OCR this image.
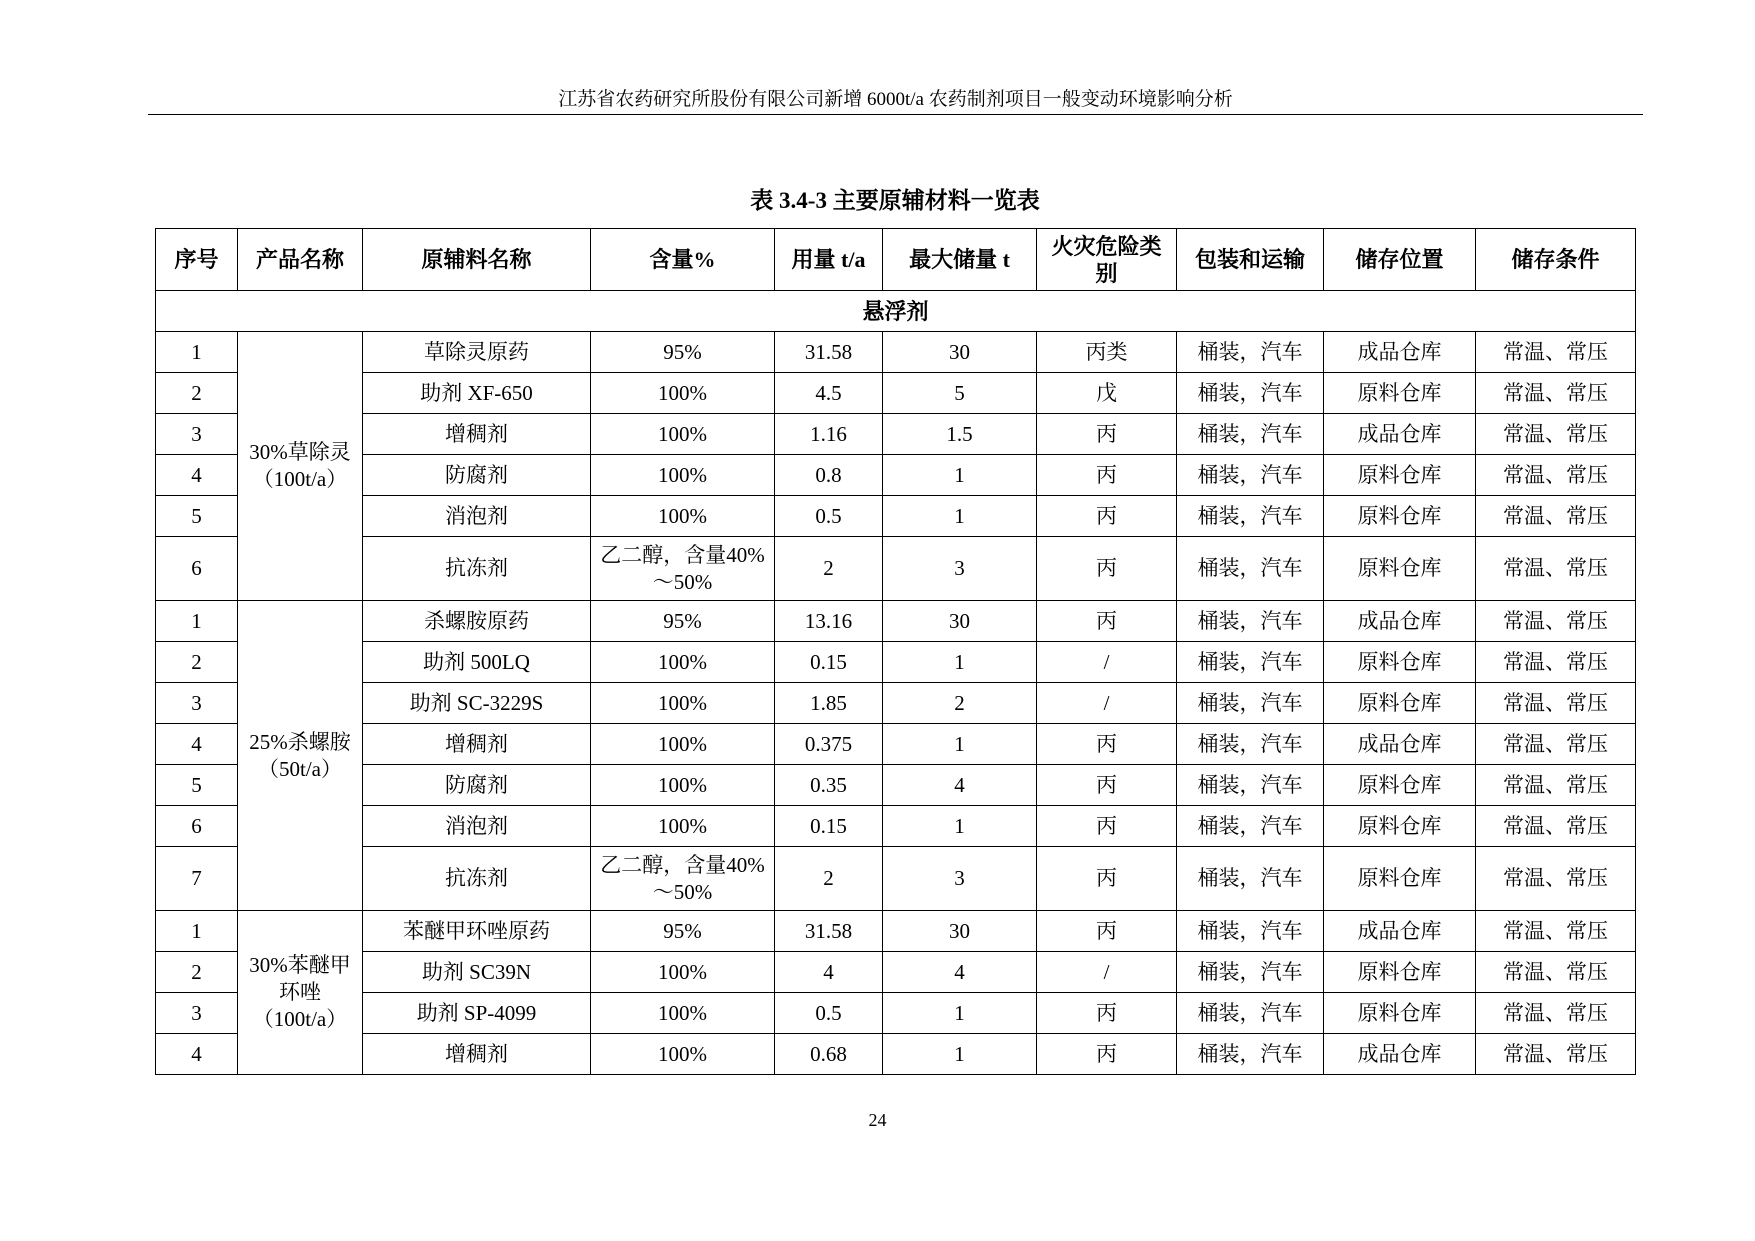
江苏省农药研究所股份有限公司新增 6000t/a 农药制剂项目一般变动环境影响分析
表 3.4-3 主要原辅材料一览表
序号	产品名称	原辅料名称	含量%	用量 t/a	最大储量 t	火灾危险类别	包装和运输	储存位置	储存条件
悬浮剂									
1	30%草除灵（100t/a）	草除灵原药	95%	31.58	30	丙类	桶装，汽车	成品仓库	常温、常压
2		助剂 XF-650	100%	4.5	5	戊	桶装，汽车	原料仓库	常温、常压
3		增稠剂	100%	1.16	1.5	丙	桶装，汽车	成品仓库	常温、常压
4		防腐剂	100%	0.8	1	丙	桶装，汽车	原料仓库	常温、常压
5		消泡剂	100%	0.5	1	丙	桶装，汽车	原料仓库	常温、常压
6		抗冻剂	乙二醇，含量40%～50%	2	3	丙	桶装，汽车	原料仓库	常温、常压
1	25%杀螺胺（50t/a）	杀螺胺原药	95%	13.16	30	丙	桶装，汽车	成品仓库	常温、常压
2		助剂 500LQ	100%	0.15	1	/	桶装，汽车	原料仓库	常温、常压
3		助剂 SC-3229S	100%	1.85	2	/	桶装，汽车	原料仓库	常温、常压
4		增稠剂	100%	0.375	1	丙	桶装，汽车	成品仓库	常温、常压
5		防腐剂	100%	0.35	4	丙	桶装，汽车	原料仓库	常温、常压
6		消泡剂	100%	0.15	1	丙	桶装，汽车	原料仓库	常温、常压
7		抗冻剂	乙二醇，含量40%～50%	2	3	丙	桶装，汽车	原料仓库	常温、常压
1	30%苯醚甲环唑（100t/a）	苯醚甲环唑原药	95%	31.58	30	丙	桶装，汽车	成品仓库	常温、常压
2		助剂 SC39N	100%	4	4	/	桶装，汽车	原料仓库	常温、常压
3		助剂 SP-4099	100%	0.5	1	丙	桶装，汽车	原料仓库	常温、常压
4		增稠剂	100%	0.68	1	丙	桶装，汽车	成品仓库	常温、常压
24
